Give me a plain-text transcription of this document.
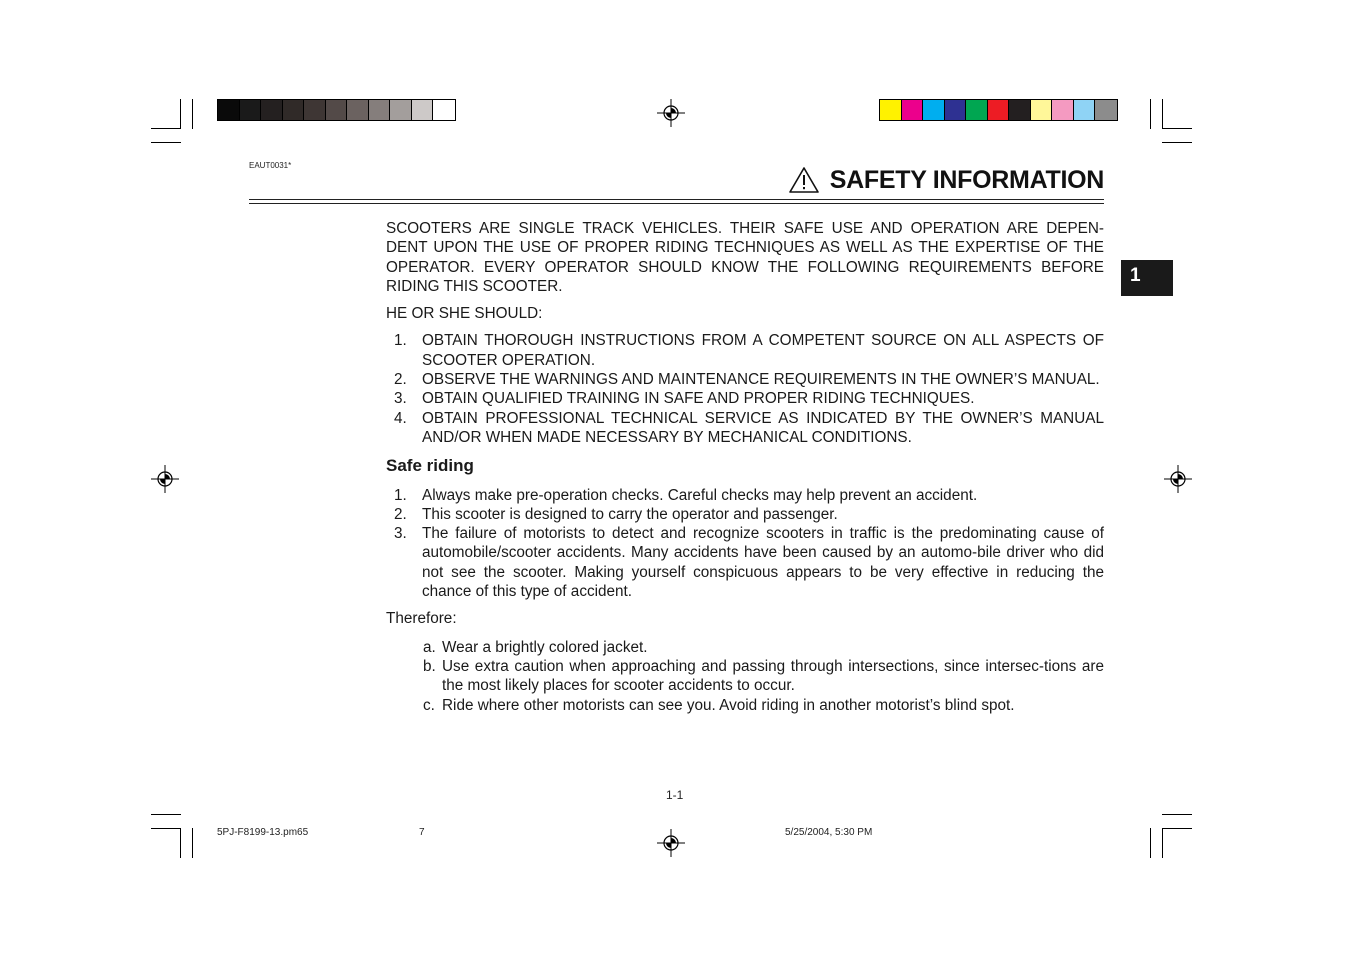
EAUT0031*	SAFETY INFORMATION
1

SCOOTERS ARE SINGLE TRACK VEHICLES. THEIR SAFE USE AND OPERATION ARE DEPEN-DENT UPON THE USE OF PROPER RIDING TECHNIQUES AS WELL AS THE EXPERTISE OF THE OPERATOR. EVERY OPERATOR SHOULD KNOW THE FOLLOWING REQUIREMENTS BEFORE RIDING THIS SCOOTER.

HE OR SHE SHOULD:

1. OBTAIN THOROUGH INSTRUCTIONS FROM A COMPETENT SOURCE ON ALL ASPECTS OF SCOOTER OPERATION.
2. OBSERVE THE WARNINGS AND MAINTENANCE REQUIREMENTS IN THE OWNER’S MANUAL.
3. OBTAIN QUALIFIED TRAINING IN SAFE AND PROPER RIDING TECHNIQUES.
4. OBTAIN PROFESSIONAL TECHNICAL SERVICE AS INDICATED BY THE OWNER’S MANUAL AND/OR WHEN MADE NECESSARY BY MECHANICAL CONDITIONS.

Safe riding

1. Always make pre-operation checks. Careful checks may help prevent an accident.
2. This scooter is designed to carry the operator and passenger.
3. The failure of motorists to detect and recognize scooters in traffic is the predominating cause of automobile/scooter accidents. Many accidents have been caused by an automo-bile driver who did not see the scooter. Making yourself conspicuous appears to be very effective in reducing the chance of this type of accident.

Therefore:

a. Wear a brightly colored jacket.
b. Use extra caution when approaching and passing through intersections, since intersec-tions are the most likely places for scooter accidents to occur.
c. Ride where other motorists can see you. Avoid riding in another motorist’s blind spot.
1-1
5PJ-F8199-13.pm65	7	5/25/2004, 5:30 PM
